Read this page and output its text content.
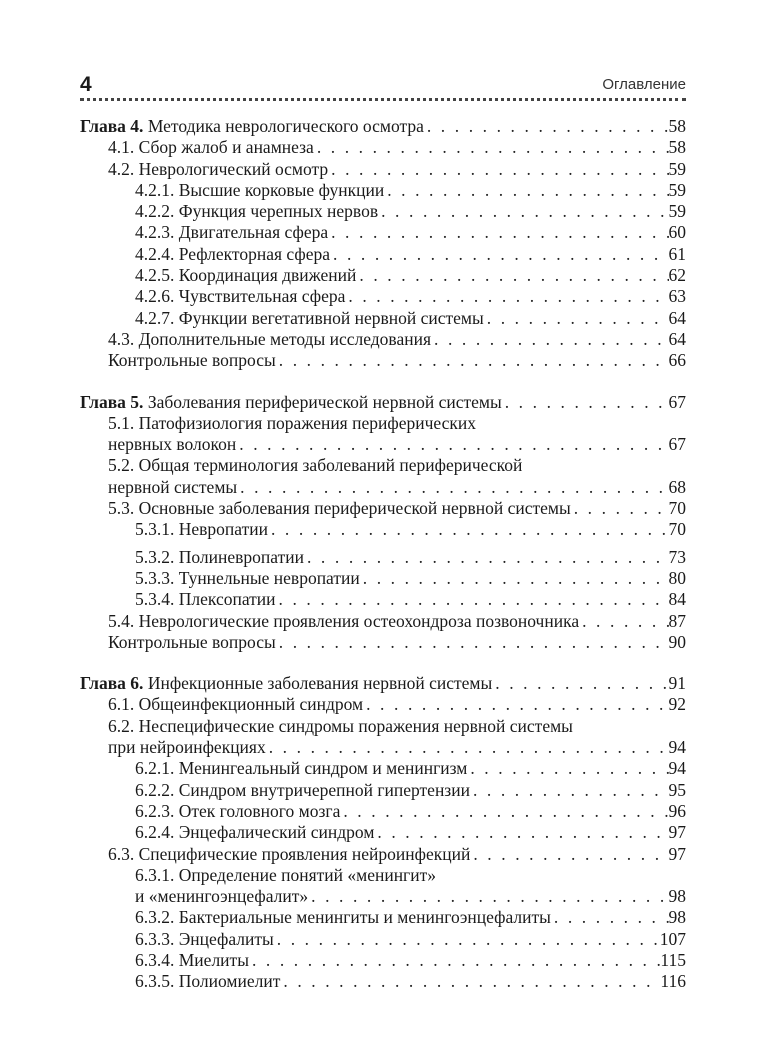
4	Оглавление
Глава 4. Методика неврологического осмотра . . .	58
4.1. Сбор жалоб и анамнеза . . .	58
4.2. Неврологический осмотр . . .	59
4.2.1. Высшие корковые функции . . .	59
4.2.2. Функция черепных нервов . . .	59
4.2.3. Двигательная сфера . . .	60
4.2.4. Рефлекторная сфера . . .	61
4.2.5. Координация движений . . .	62
4.2.6. Чувствительная сфера . . .	63
4.2.7. Функции вегетативной нервной системы . . .	64
4.3. Дополнительные методы исследования . . .	64
Контрольные вопросы . . .	66
Глава 5. Заболевания периферической нервной системы . . .	67
5.1. Патофизиология поражения периферических
нервных волокон . . .	67
5.2. Общая терминология заболеваний периферической
нервной системы . . .	68
5.3. Основные заболевания периферической нервной системы . . .	70
5.3.1. Невропатии . . .	70
5.3.2. Полиневропатии . . .	73
5.3.3. Туннельные невропатии . . .	80
5.3.4. Плексопатии . . .	84
5.4. Неврологические проявления остеохондроза позвоночника . . .	87
Контрольные вопросы . . .	90
Глава 6. Инфекционные заболевания нервной системы . . .	91
6.1. Общеинфекционный синдром . . .	92
6.2. Неспецифические синдромы поражения нервной системы
при нейроинфекциях . . .	94
6.2.1. Менингеальный синдром и менингизм . . .	94
6.2.2. Синдром внутричерепной гипертензии . . .	95
6.2.3. Отек головного мозга . . .	96
6.2.4. Энцефалический синдром . . .	97
6.3. Специфические проявления нейроинфекций . . .	97
6.3.1. Определение понятий «менингит»
и «менингоэнцефалит» . . .	98
6.3.2. Бактериальные менингиты и менингоэнцефалиты . . .	98
6.3.3. Энцефалиты . . .	107
6.3.4. Миелиты . . .	115
6.3.5. Полиомиелит . . .	116
